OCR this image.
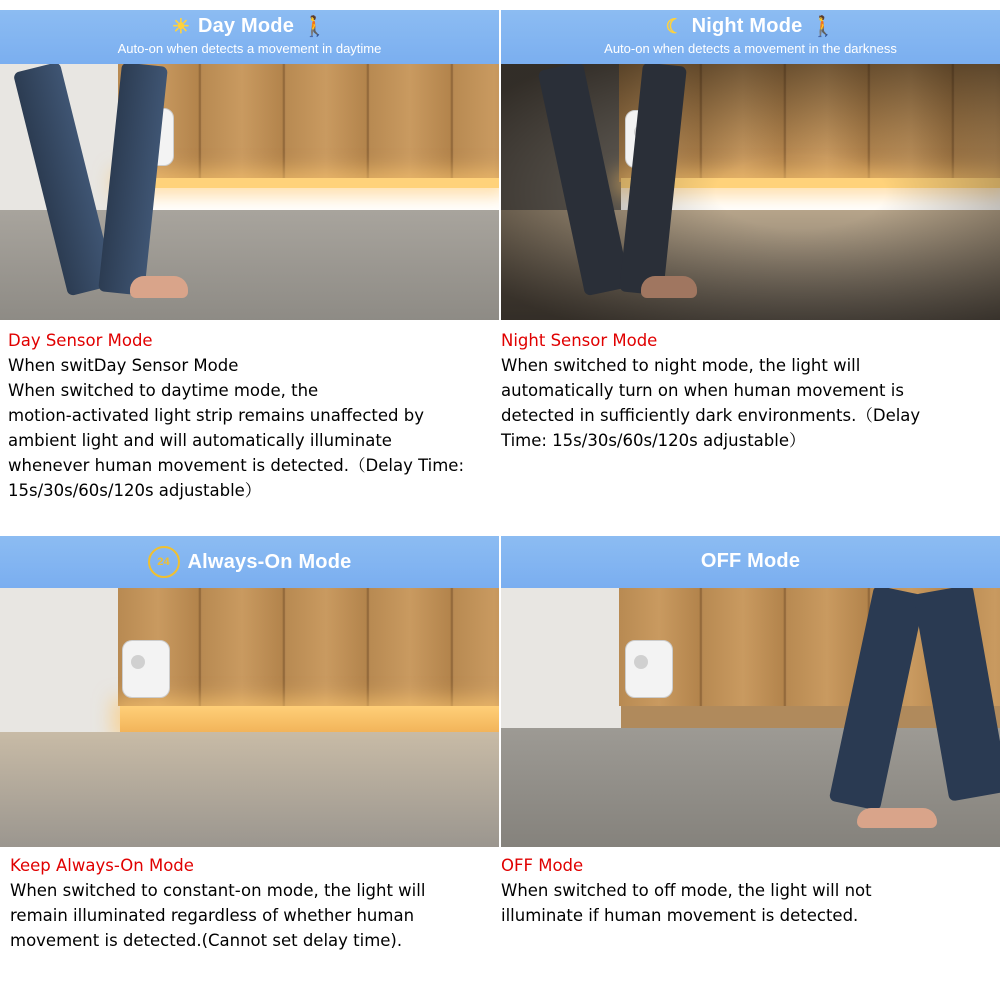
☀ Day Mode 🚶
Auto-on when detects a movement in daytime
☾ Night Mode 🚶
Auto-on when detects a movement in the darkness
Day Sensor Mode
When switDay Sensor Mode
When switched to daytime mode, the
motion-activated light strip remains unaffected by
ambient light and will automatically illuminate
whenever human movement is detected.（Delay Time:
15s/30s/60s/120s adjustable）
Night Sensor Mode
When switched to night mode, the light will
automatically turn on when human movement is
detected in sufficiently dark environments.（Delay
Time: 15s/30s/60s/120s adjustable）
24 Always-On Mode	OFF Mode
Keep Always-On Mode
When switched to constant-on mode, the light will
remain illuminated regardless of whether human
movement is detected.(Cannot set delay time).
OFF Mode
When switched to off mode, the light will not
illuminate if human movement is detected.
